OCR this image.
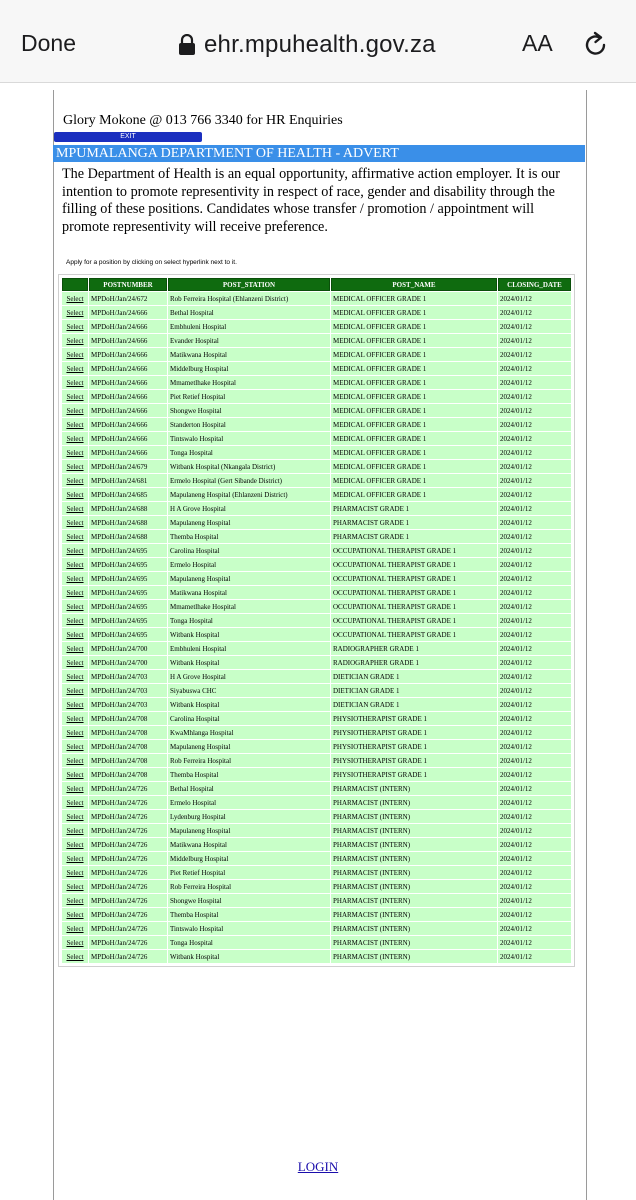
Done	ehr.mpuhealth.gov.za	AA
Glory Mokone @ 013 766 3340 for HR Enquiries
EXIT
MPUMALANGA DEPARTMENT OF HEALTH - ADVERT
The Department of Health is an equal opportunity, affirmative action employer. It is our intention to promote representivity in respect of race, gender and disability through the filling of these positions. Candidates whose transfer / promotion / appointment will promote representivity will receive preference.
Apply for a position by clicking on select hyperlink next to it.
	POSTNUMBER	POST_STATION	POST_NAME	CLOSING_DATE
Select	MPDoH/Jan/24/672	Rob Ferreira Hospital (Ehlanzeni District)	MEDICAL OFFICER GRADE 1	2024/01/12
Select	MPDoH/Jan/24/666	Bethal Hospital	MEDICAL OFFICER GRADE 1	2024/01/12
Select	MPDoH/Jan/24/666	Embhuleni Hospital	MEDICAL OFFICER GRADE 1	2024/01/12
Select	MPDoH/Jan/24/666	Evander Hospital	MEDICAL OFFICER GRADE 1	2024/01/12
Select	MPDoH/Jan/24/666	Matikwana Hospital	MEDICAL OFFICER GRADE 1	2024/01/12
Select	MPDoH/Jan/24/666	Middelburg Hospital	MEDICAL OFFICER GRADE 1	2024/01/12
Select	MPDoH/Jan/24/666	Mmametlhake Hospital	MEDICAL OFFICER GRADE 1	2024/01/12
Select	MPDoH/Jan/24/666	Piet Retief Hospital	MEDICAL OFFICER GRADE 1	2024/01/12
Select	MPDoH/Jan/24/666	Shongwe Hospital	MEDICAL OFFICER GRADE 1	2024/01/12
Select	MPDoH/Jan/24/666	Standerton Hospital	MEDICAL OFFICER GRADE 1	2024/01/12
Select	MPDoH/Jan/24/666	Tintswalo Hospital	MEDICAL OFFICER GRADE 1	2024/01/12
Select	MPDoH/Jan/24/666	Tonga Hospital	MEDICAL OFFICER GRADE 1	2024/01/12
Select	MPDoH/Jan/24/679	Witbank Hospital (Nkangala District)	MEDICAL OFFICER GRADE 1	2024/01/12
Select	MPDoH/Jan/24/681	Ermelo Hospital (Gert Sibande District)	MEDICAL OFFICER GRADE 1	2024/01/12
Select	MPDoH/Jan/24/685	Mapulaneng Hospital (Ehlanzeni District)	MEDICAL OFFICER GRADE 1	2024/01/12
Select	MPDoH/Jan/24/688	H A Grove Hospital	PHARMACIST GRADE 1	2024/01/12
Select	MPDoH/Jan/24/688	Mapulaneng Hospital	PHARMACIST GRADE 1	2024/01/12
Select	MPDoH/Jan/24/688	Themba Hospital	PHARMACIST GRADE 1	2024/01/12
Select	MPDoH/Jan/24/695	Carolina Hospital	OCCUPATIONAL THERAPIST GRADE 1	2024/01/12
Select	MPDoH/Jan/24/695	Ermelo Hospital	OCCUPATIONAL THERAPIST GRADE 1	2024/01/12
Select	MPDoH/Jan/24/695	Mapulaneng Hospital	OCCUPATIONAL THERAPIST GRADE 1	2024/01/12
Select	MPDoH/Jan/24/695	Matikwana Hospital	OCCUPATIONAL THERAPIST GRADE 1	2024/01/12
Select	MPDoH/Jan/24/695	Mmametlhake Hospital	OCCUPATIONAL THERAPIST GRADE 1	2024/01/12
Select	MPDoH/Jan/24/695	Tonga Hospital	OCCUPATIONAL THERAPIST GRADE 1	2024/01/12
Select	MPDoH/Jan/24/695	Witbank Hospital	OCCUPATIONAL THERAPIST GRADE 1	2024/01/12
Select	MPDoH/Jan/24/700	Embhuleni Hospital	RADIOGRAPHER GRADE 1	2024/01/12
Select	MPDoH/Jan/24/700	Witbank Hospital	RADIOGRAPHER GRADE 1	2024/01/12
Select	MPDoH/Jan/24/703	H A Grove Hospital	DIETICIAN GRADE 1	2024/01/12
Select	MPDoH/Jan/24/703	Siyabuswa CHC	DIETICIAN GRADE 1	2024/01/12
Select	MPDoH/Jan/24/703	Witbank Hospital	DIETICIAN GRADE 1	2024/01/12
Select	MPDoH/Jan/24/708	Carolina Hospital	PHYSIOTHERAPIST GRADE 1	2024/01/12
Select	MPDoH/Jan/24/708	KwaMhlanga Hospital	PHYSIOTHERAPIST GRADE 1	2024/01/12
Select	MPDoH/Jan/24/708	Mapulaneng Hospital	PHYSIOTHERAPIST GRADE 1	2024/01/12
Select	MPDoH/Jan/24/708	Rob Ferreira Hospital	PHYSIOTHERAPIST GRADE 1	2024/01/12
Select	MPDoH/Jan/24/708	Themba Hospital	PHYSIOTHERAPIST GRADE 1	2024/01/12
Select	MPDoH/Jan/24/726	Bethal Hospital	PHARMACIST (INTERN)	2024/01/12
Select	MPDoH/Jan/24/726	Ermelo Hospital	PHARMACIST (INTERN)	2024/01/12
Select	MPDoH/Jan/24/726	Lydenburg Hospital	PHARMACIST (INTERN)	2024/01/12
Select	MPDoH/Jan/24/726	Mapulaneng Hospital	PHARMACIST (INTERN)	2024/01/12
Select	MPDoH/Jan/24/726	Matikwana Hospital	PHARMACIST (INTERN)	2024/01/12
Select	MPDoH/Jan/24/726	Middelburg Hospital	PHARMACIST (INTERN)	2024/01/12
Select	MPDoH/Jan/24/726	Piet Retief Hospital	PHARMACIST (INTERN)	2024/01/12
Select	MPDoH/Jan/24/726	Rob Ferreira Hospital	PHARMACIST (INTERN)	2024/01/12
Select	MPDoH/Jan/24/726	Shongwe Hospital	PHARMACIST (INTERN)	2024/01/12
Select	MPDoH/Jan/24/726	Themba Hospital	PHARMACIST (INTERN)	2024/01/12
Select	MPDoH/Jan/24/726	Tintswalo Hospital	PHARMACIST (INTERN)	2024/01/12
Select	MPDoH/Jan/24/726	Tonga Hospital	PHARMACIST (INTERN)	2024/01/12
Select	MPDoH/Jan/24/726	Witbank Hospital	PHARMACIST (INTERN)	2024/01/12
LOGIN
